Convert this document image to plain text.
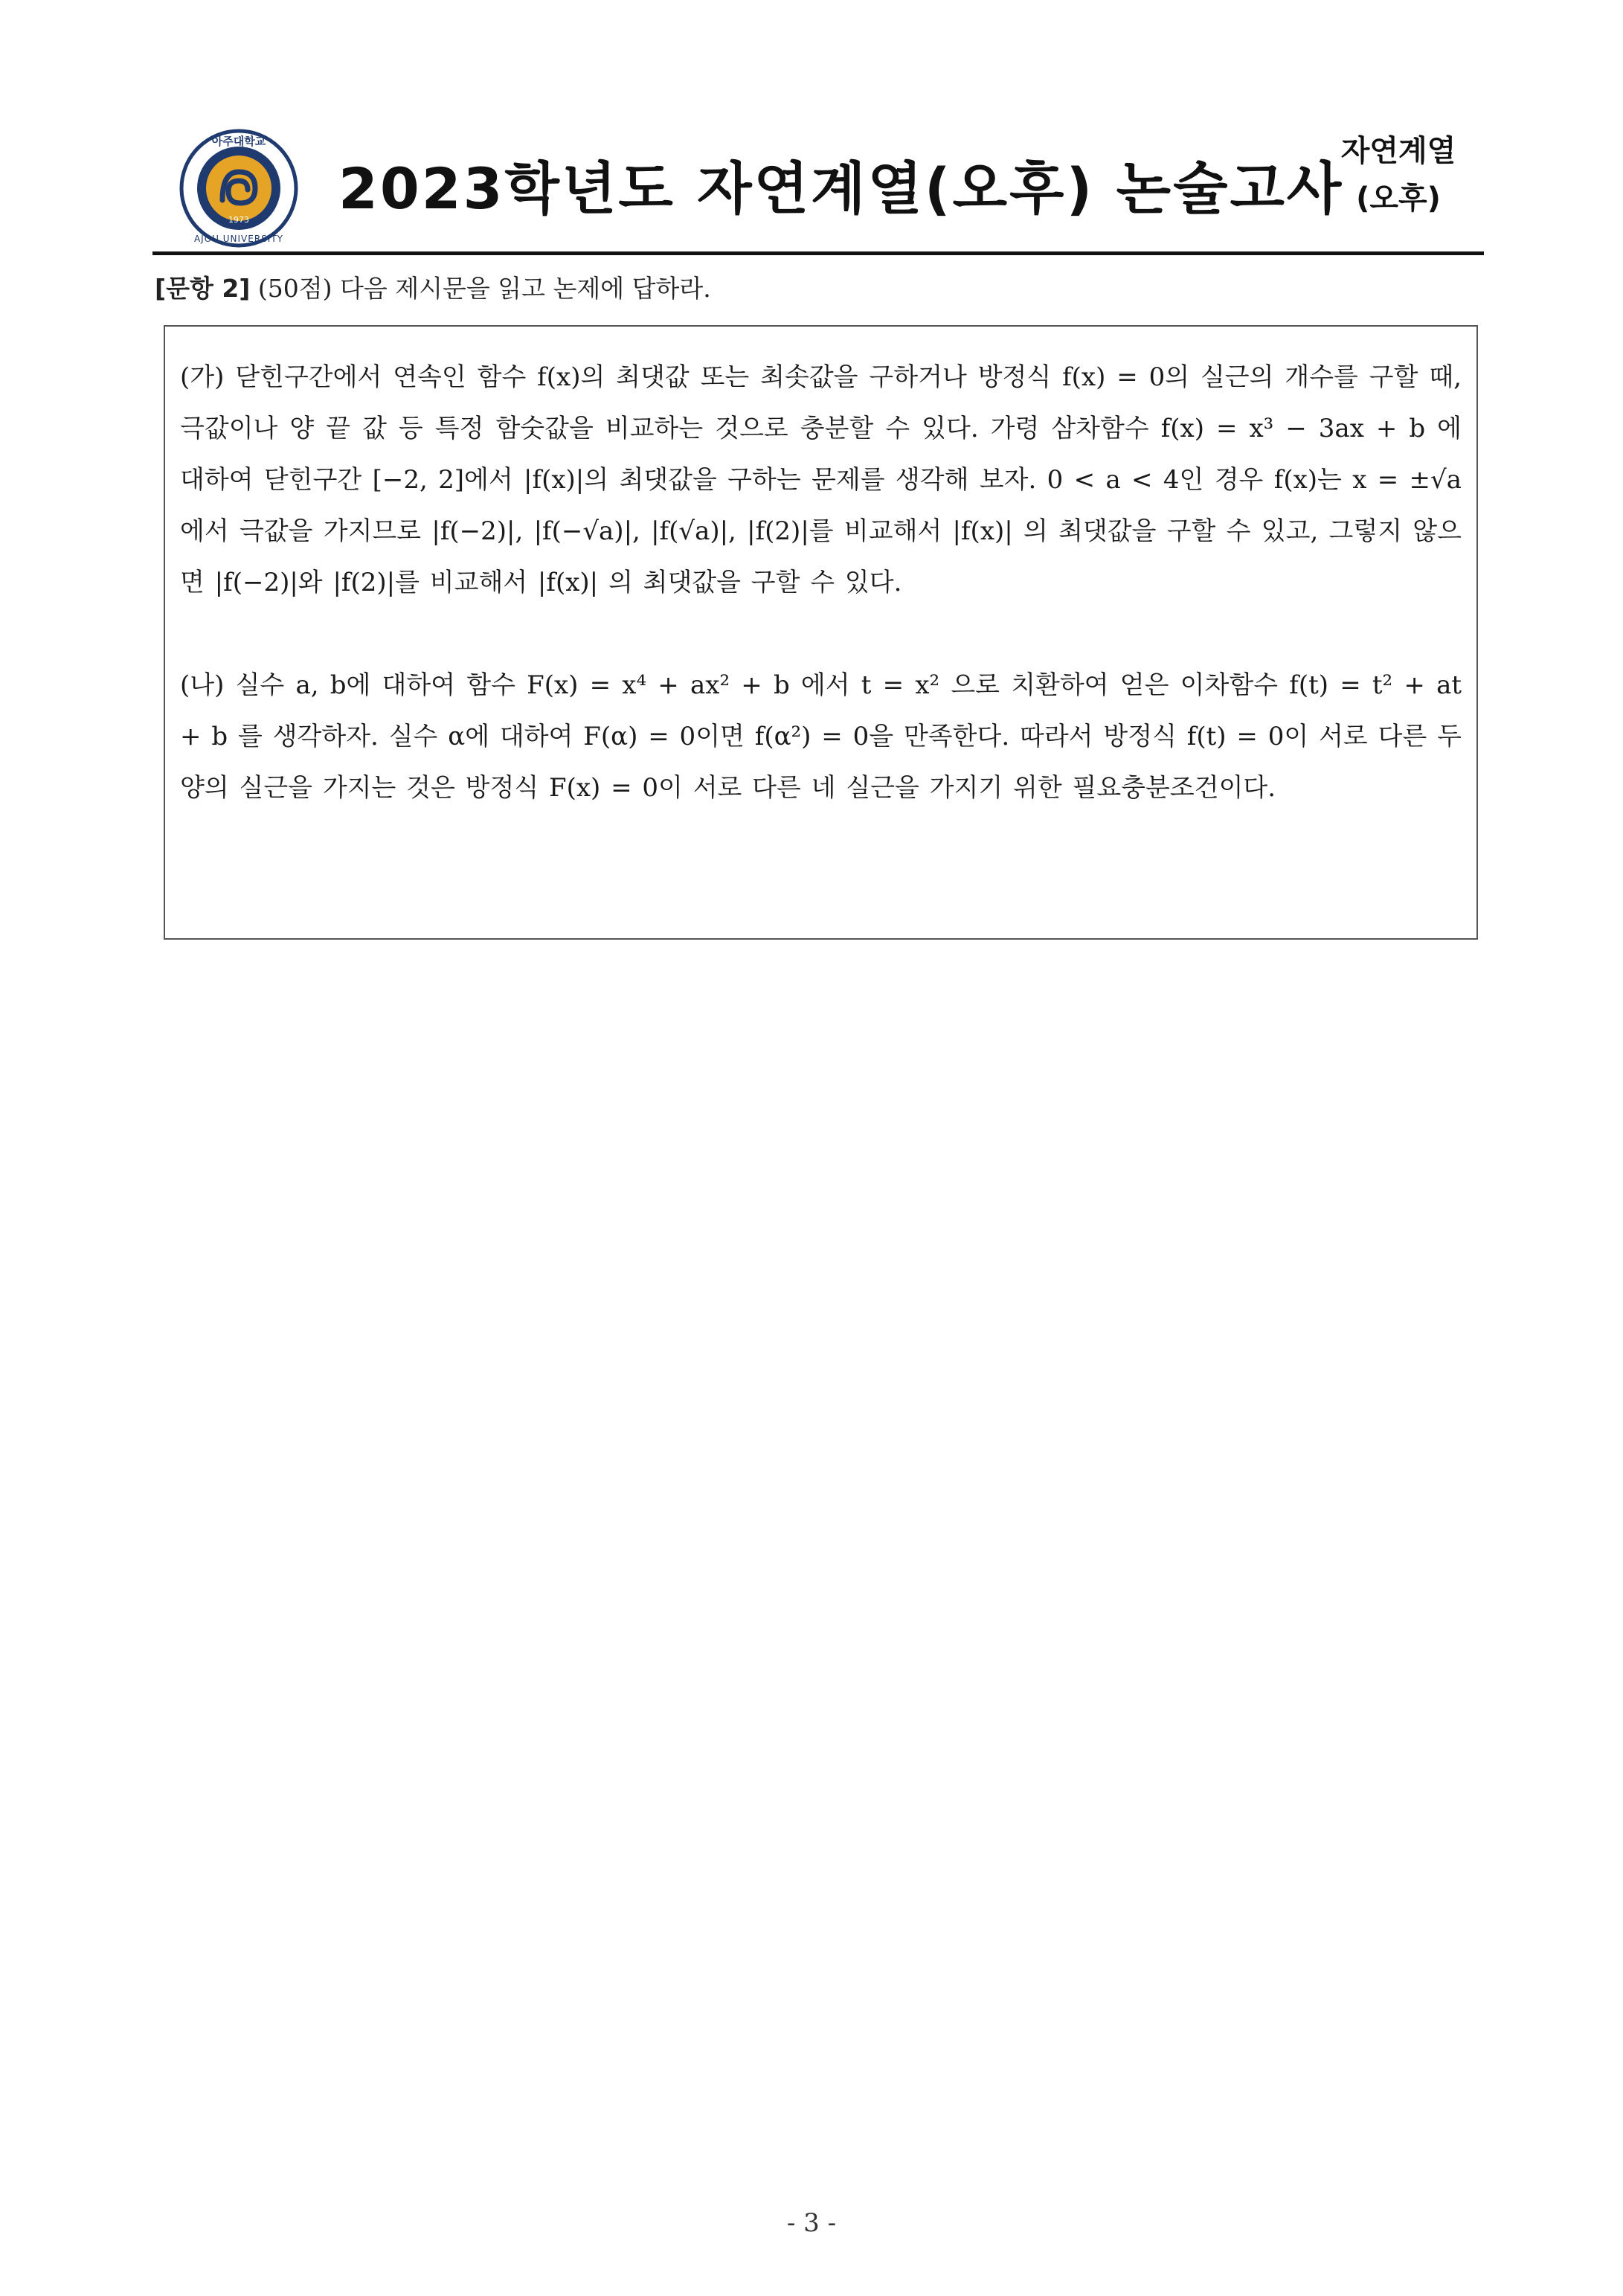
아주대학교
1973
AJOU UNIVERSITY
2023학년도 자연계열(오후) 논술고사
자연계열
(오후)
[문항 2] (50점) 다음 제시문을 읽고 논제에 답하라.
(가) 닫힌구간에서 연속인 함수 f(x)의 최댓값 또는 최솟값을 구하거나 방정식 f(x) = 0의 실근의 개수를 구할 때, 극값이나 양 끝 값 등 특정 함숫값을 비교하는 것으로 충분할 수 있다. 가령 삼차함수 f(x) = x³ − 3ax + b 에 대하여 닫힌구간 [−2, 2]에서 |f(x)|의 최댓값을 구하는 문제를 생각해 보자. 0 < a < 4인 경우 f(x)는 x = ±√a 에서 극값을 가지므로 |f(−2)|, |f(−√a)|, |f(√a)|, |f(2)|를 비교해서 |f(x)| 의 최댓값을 구할 수 있고, 그렇지 않으면 |f(−2)|와 |f(2)|를 비교해서 |f(x)| 의 최댓값을 구할 수 있다.
(나) 실수 a, b에 대하여 함수 F(x) = x⁴ + ax² + b 에서 t = x² 으로 치환하여 얻은 이차함수 f(t) = t² + at + b 를 생각하자. 실수 α에 대하여 F(α) = 0이면 f(α²) = 0을 만족한다. 따라서 방정식 f(t) = 0이 서로 다른 두 양의 실근을 가지는 것은 방정식 F(x) = 0이 서로 다른 네 실근을 가지기 위한 필요충분조건이다.
- 3 -
